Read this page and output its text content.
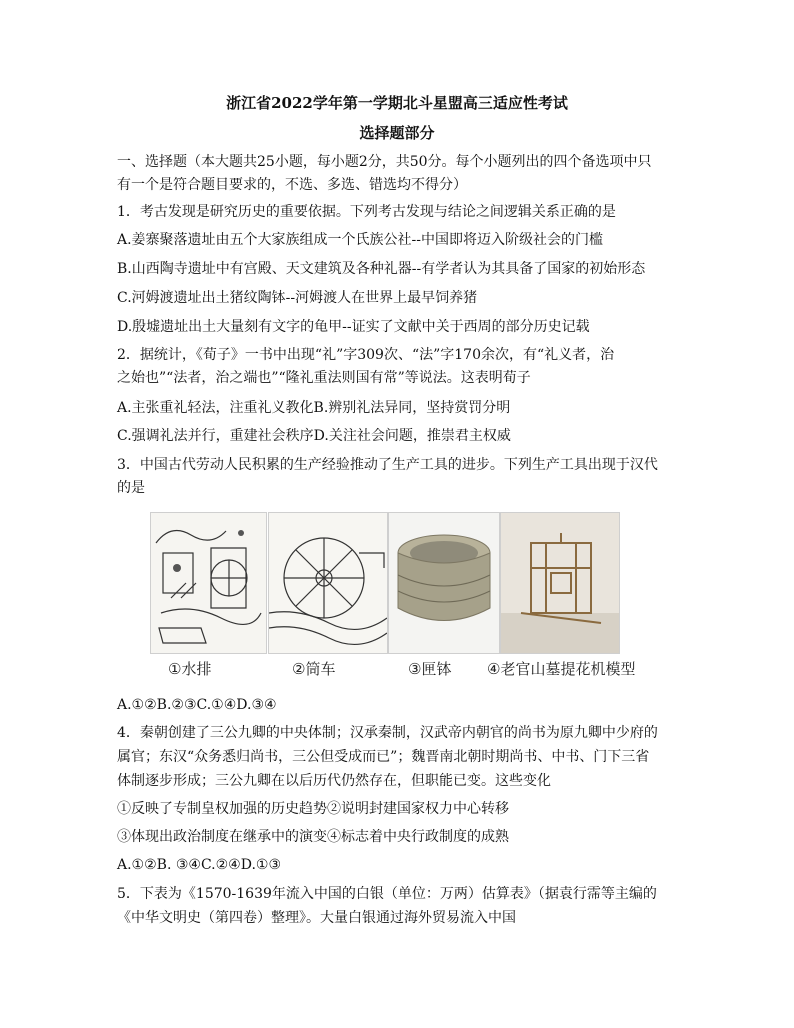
浙江省2022学年第一学期北斗星盟高三适应性考试
选择题部分
一、选择题（本大题共25小题，每小题2分，共50分。每个小题列出的四个备选项中只
有一个是符合题目要求的，不选、多选、错选均不得分）
1．考古发现是研究历史的重要依据。下列考古发现与结论之间逻辑关系正确的是
A.姜寨聚落遗址由五个大家族组成一个氏族公社--中国即将迈入阶级社会的门槛
B.山西陶寺遗址中有宫殿、天文建筑及各种礼器--有学者认为其具备了国家的初始形态
C.河姆渡遗址出土猪纹陶钵--河姆渡人在世界上最早饲养猪
D.殷墟遗址出土大量刻有文字的龟甲--证实了文献中关于西周的部分历史记载
2．据统计，《荀子》一书中出现“礼”字309次、“法”字170余次，有“礼义者，治
之始也”“法者，治之端也”“隆礼重法则国有常”等说法。这表明荀子
A.主张重礼轻法，注重礼义教化B.辨别礼法异同，坚持赏罚分明
C.强调礼法并行，重建社会秩序D.关注社会问题，推崇君主权威
3．中国古代劳动人民积累的生产经验推动了生产工具的进步。下列生产工具出现于汉代
的是
①水排	②筒车	③匣钵 ④老官山墓提花机模型
A.①②B.②③C.①④D.③④
4．秦朝创建了三公九卿的中央体制；汉承秦制，汉武帝内朝官的尚书为原九卿中少府的
属官；东汉“众务悉归尚书，三公但受成而已”；魏晋南北朝时期尚书、中书、门下三省
体制逐步形成；三公九卿在以后历代仍然存在，但职能已变。这些变化
①反映了专制皇权加强的历史趋势②说明封建国家权力中心转移
③体现出政治制度在继承中的演变④标志着中央行政制度的成熟
A.①②B. ③④C.②④D.①③
5．下表为《1570-1639年流入中国的白银（单位：万两）估算表》（据袁行霈等主编的
《中华文明史（第四卷）整理》。大量白银通过海外贸易流入中国
